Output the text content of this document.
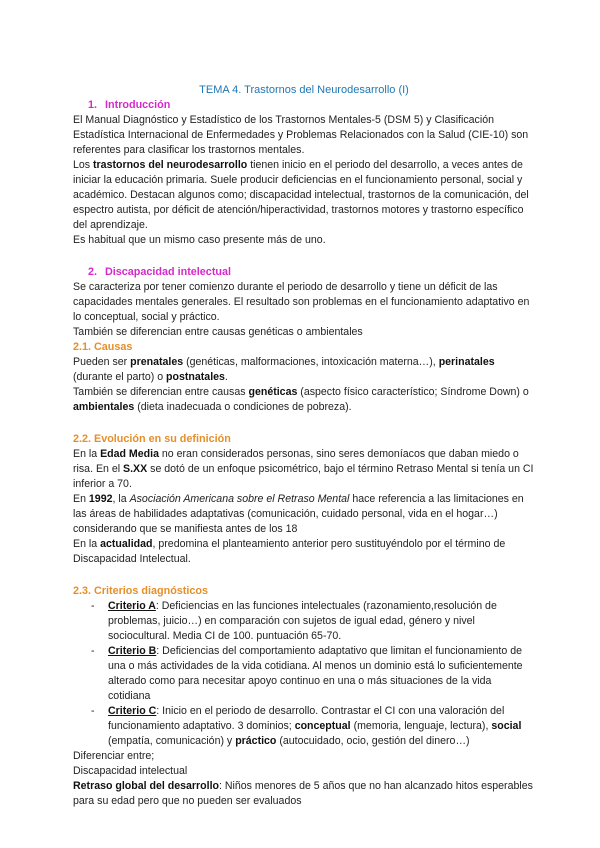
TEMA 4. Trastornos del Neurodesarrollo (I)

1. Introducción

El Manual Diagnóstico y Estadístico de los Trastornos Mentales-5 (DSM 5) y Clasificación Estadística Internacional de Enfermedades y Problemas Relacionados con la Salud (CIE-10) son referentes para clasificar los trastornos mentales.

Los trastornos del neurodesarrollo tienen inicio en el periodo del desarrollo, a veces antes de iniciar la educación primaria. Suele producir deficiencias en el funcionamiento personal, social y académico. Destacan algunos como; discapacidad intelectual, trastornos de la comunicación, del espectro autista, por déficit de atención/hiperactividad, trastornos motores y trastorno específico del aprendizaje.

Es habitual que un mismo caso presente más de uno.

2. Discapacidad intelectual

Se caracteriza por tener comienzo durante el periodo de desarrollo y tiene un déficit de las capacidades mentales generales. El resultado son problemas en el funcionamiento adaptativo en lo conceptual, social y práctico.

También se diferencian entre causas genéticas o ambientales

2.1. Causas

Pueden ser prenatales (genéticas, malformaciones, intoxicación materna…), perinatales (durante el parto) o postnatales.

También se diferencian entre causas genéticas (aspecto físico característico; Síndrome Down) o ambientales (dieta inadecuada o condiciones de pobreza).

2.2. Evolución en su definición

En la Edad Media no eran considerados personas, sino seres demoníacos que daban miedo o risa. En el S.XX se dotó de un enfoque psicométrico, bajo el término Retraso Mental si tenía un CI inferior a 70.

En 1992, la Asociación Americana sobre el Retraso Mental hace referencia a las limitaciones en las áreas de habilidades adaptativas (comunicación, cuidado personal, vida en el hogar…) considerando que se manifiesta antes de los 18

En la actualidad, predomina el planteamiento anterior pero sustituyéndolo por el término de Discapacidad Intelectual.

2.3. Criterios diagnósticos

- Criterio A: Deficiencias en las funciones intelectuales (razonamiento,resolución de problemas, juicio…) en comparación con sujetos de igual edad, género y nivel sociocultural. Media CI de 100. puntuación 65-70.
- Criterio B: Deficiencias del comportamiento adaptativo que limitan el funcionamiento de una o más actividades de la vida cotidiana. Al menos un dominio está lo suficientemente alterado como para necesitar apoyo continuo en una o más situaciones de la vida cotidiana
- Criterio C: Inicio en el periodo de desarrollo. Contrastar el CI con una valoración del funcionamiento adaptativo. 3 dominios; conceptual (memoria, lenguaje, lectura), social (empatía, comunicación) y práctico (autocuidado, ocio, gestión del dinero…)

Diferenciar entre;

Discapacidad intelectual

Retraso global del desarrollo: Niños menores de 5 años que no han alcanzado hitos esperables para su edad pero que no pueden ser evaluados
